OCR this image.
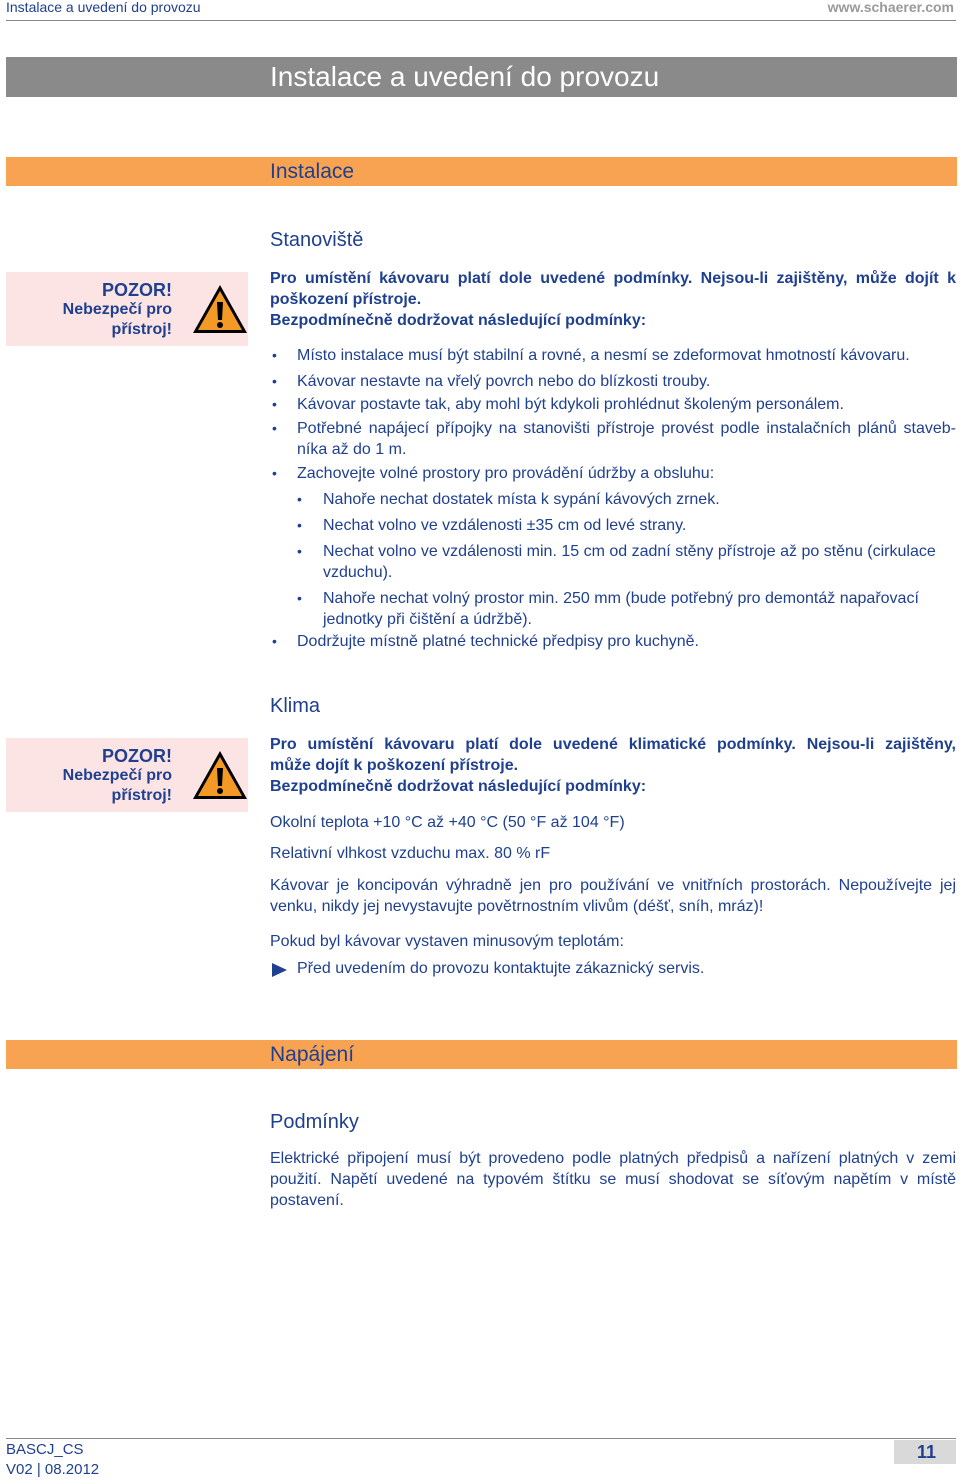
Instalace a uvedení do provozu	www.schaerer.com
Instalace a uvedení do provozu
Instalace
Stanoviště
POZOR!
Nebezpečí pro
přístroj!
Pro umístění kávovaru platí dole uvedené podmínky. Nejsou-li zajištěny, může dojít k
poškození přístroje.
Bezpodmínečně dodržovat následující podmínky:
• Místo instalace musí být stabilní a rovné, a nesmí se zdeformovat hmotností kávovaru.
• Kávovar nestavte na vřelý povrch nebo do blízkosti trouby.
• Kávovar postavte tak, aby mohl být kdykoli prohlédnut školeným personálem.
• Potřebné napájecí přípojky na stanovišti přístroje provést podle instalačních plánů staveb-
níka až do 1 m.
• Zachovejte volné prostory pro provádění údržby a obsluhu:
• Nahoře nechat dostatek místa k sypání kávových zrnek.
• Nechat volno ve vzdálenosti ±35 cm od levé strany.
• Nechat volno ve vzdálenosti min. 15 cm od zadní stěny přístroje až po stěnu (cirkulace
vzduchu).
• Nahoře nechat volný prostor min. 250 mm (bude potřebný pro demontáž napařovací
jednotky při čištění a údržbě).
• Dodržujte místně platné technické předpisy pro kuchyně.
Klima
POZOR!
Nebezpečí pro
přístroj!
Pro umístění kávovaru platí dole uvedené klimatické podmínky. Nejsou-li zajištěny,
může dojít k poškození přístroje.
Bezpodmínečně dodržovat následující podmínky:
Okolní teplota +10 °C až +40 °C (50 °F až 104 °F)
Relativní vlhkost vzduchu max. 80 % rF
Kávovar je koncipován výhradně jen pro používání ve vnitřních prostorách. Nepoužívejte jej
venku, nikdy jej nevystavujte povětrnostním vlivům (déšť, sníh, mráz)!
Pokud byl kávovar vystaven minusovým teplotám:
Před uvedením do provozu kontaktujte zákaznický servis.
Napájení
Podmínky
Elektrické připojení musí být provedeno podle platných předpisů a nařízení platných v zemi
použití. Napětí uvedené na typovém štítku se musí shodovat se síťovým napětím v místě
postavení.
BASCJ_CS
V02 | 08.2012
11
